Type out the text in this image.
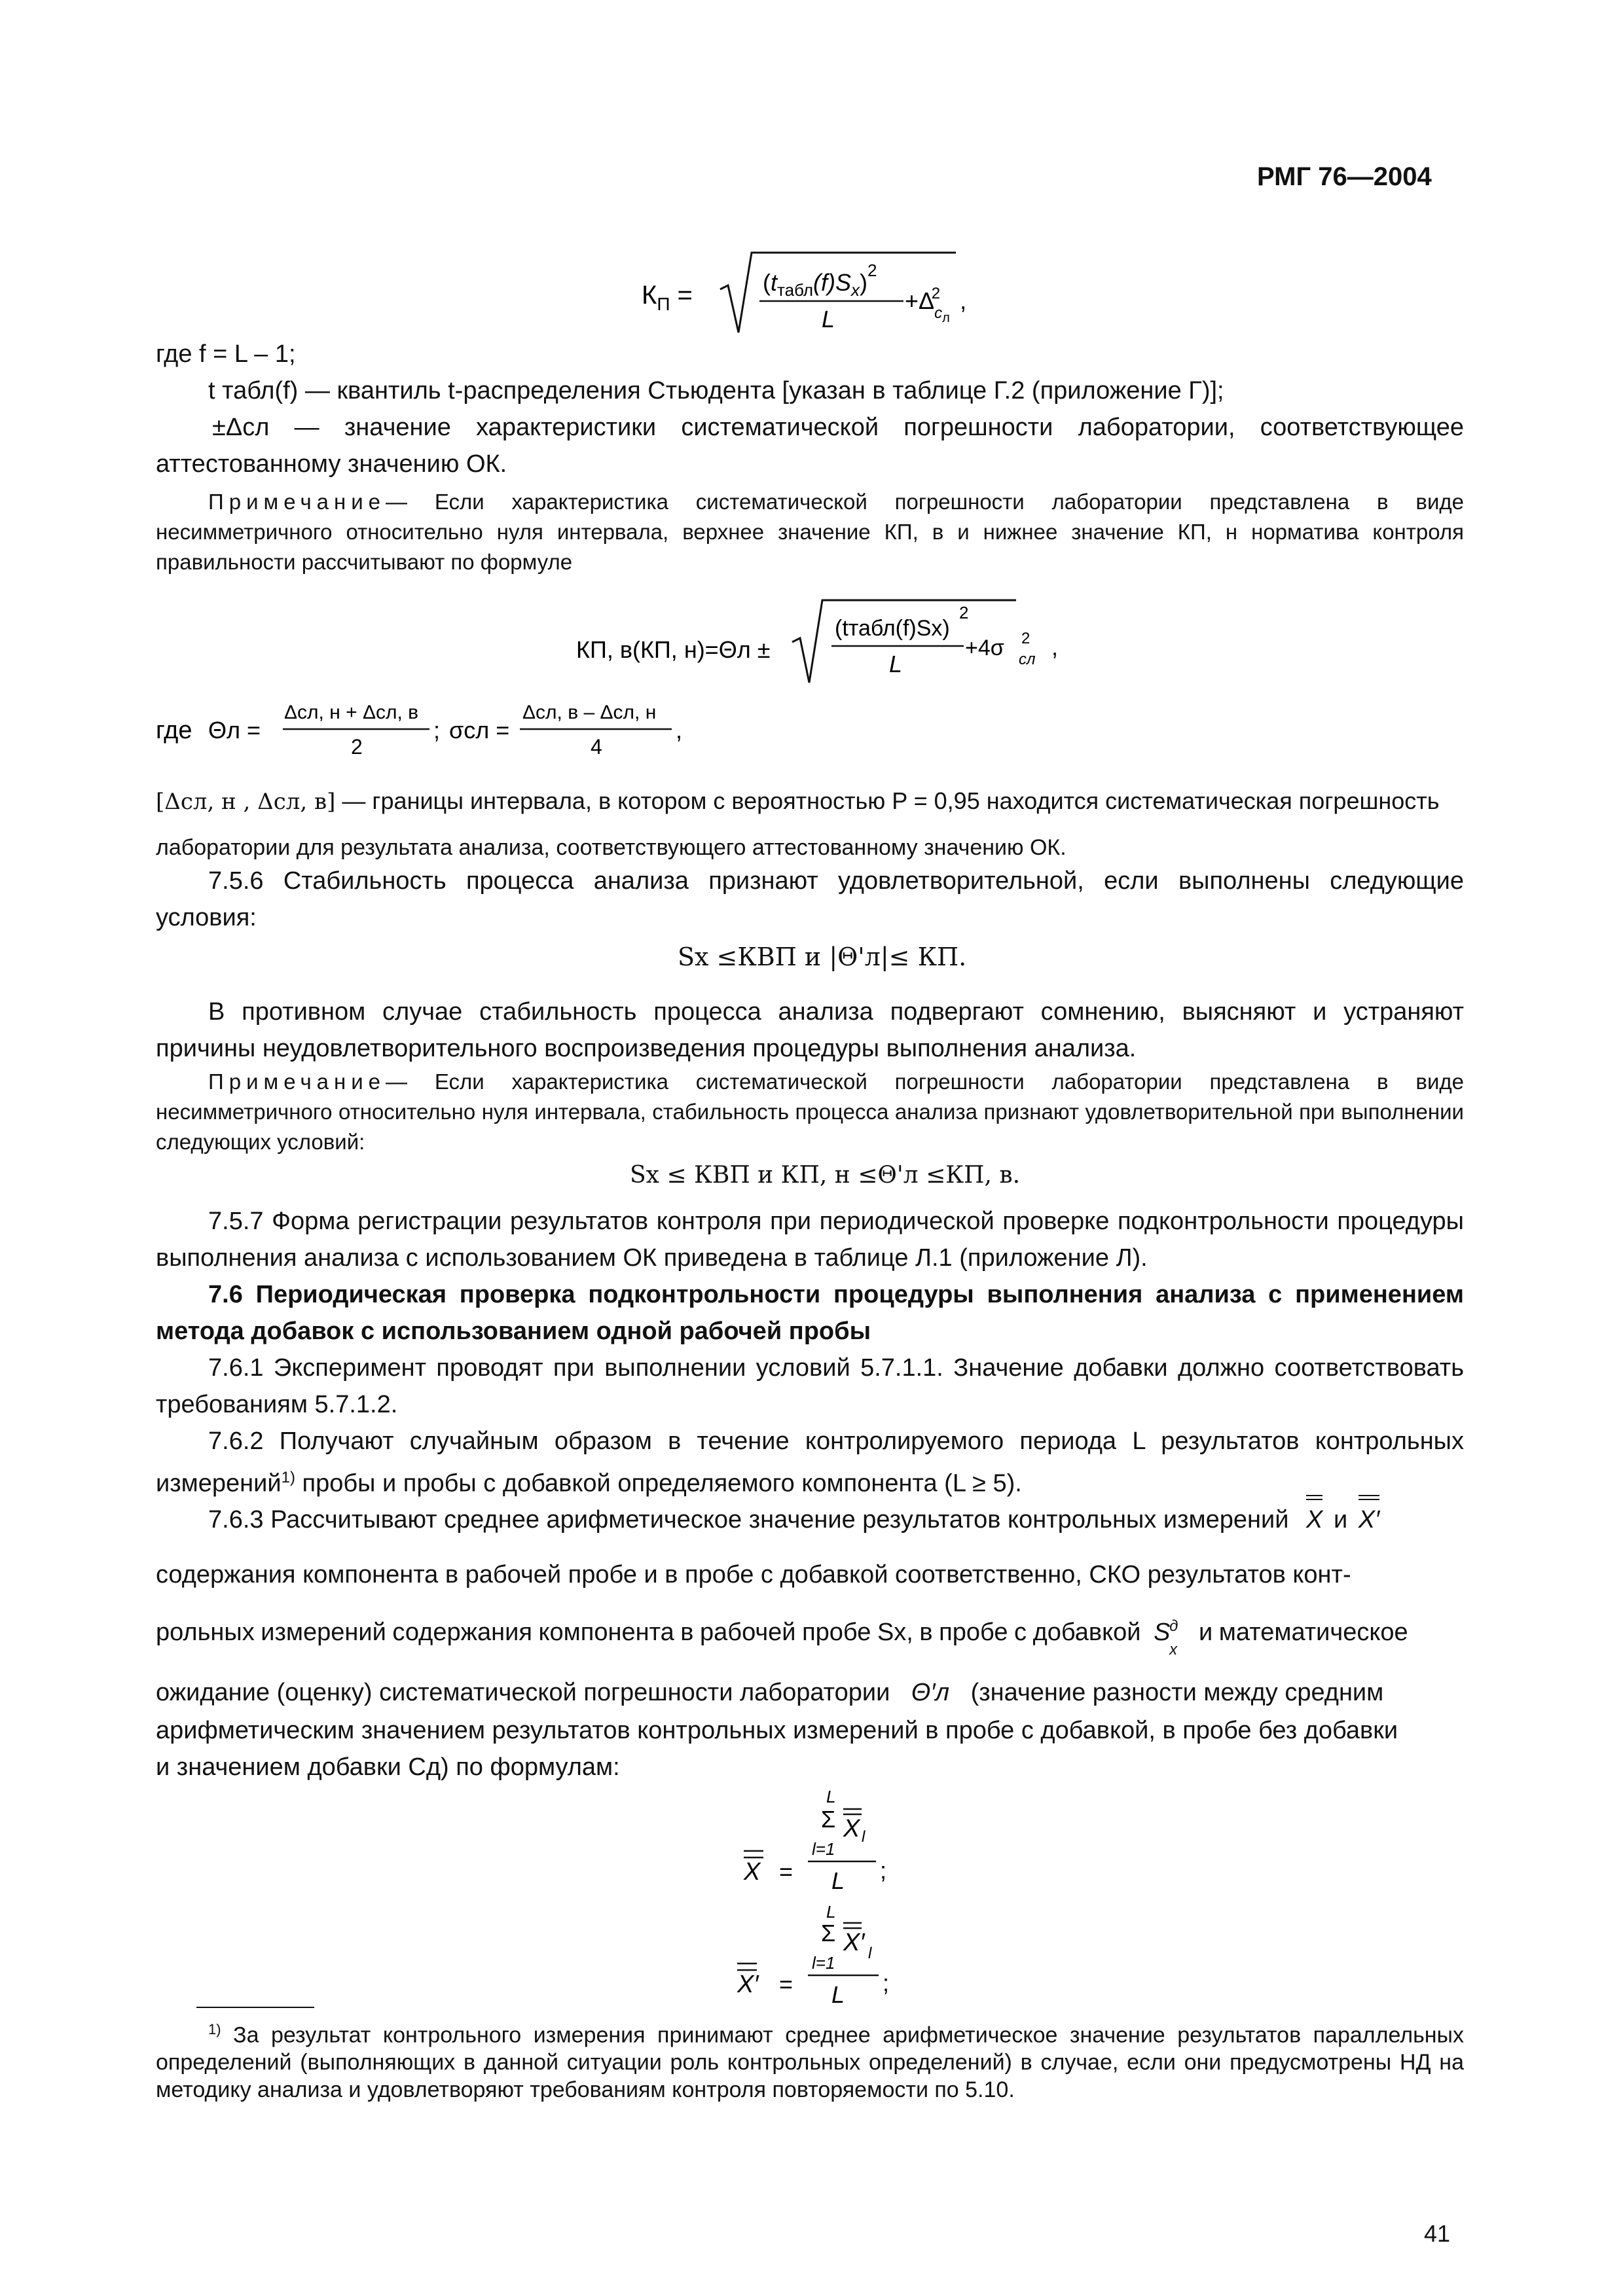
РМГ 76—2004
$К_П$ =	$(t_{табл}(f)S_x)^2$
L
$+\Delta_cл2$ ,

где f = L – 1;

t табл(f) — квантиль t-распределения Стьюдента [указан в таблице Г.2 (приложение Г)];

±Δcл — значение характеристики систематической погрешности лаборатории, соответствующее аттестованному значению ОК.

Примечание— Если характеристика систематической погрешности лаборатории представлена в виде несимметричного относительно нуля интервала, верхнее значение КП, в и нижнее значение КП, н норматива контроля правильности рассчитывают по формуле

КП, в(КП, н)=Θл ±
(tтабл(f)Sx)
2
L
+4σ cл
2 ,
где Θл =
Δcл, н + Δcл, в
2
; σcл =
Δcл, в – Δcл, н
4
,
[Δcл, н , Δcл, в] — границы интервала, в котором с вероятностью P = 0,95 находится систематическая погрешность

лаборатории для результата анализа, соответствующего аттестованному значению ОК.

7.5.6 Стабильность процесса анализа признают удовлетворительной, если выполнены следующие условия:

Sx ≤КВП и |Θ'л|≤ КП.

В противном случае стабильность процесса анализа подвергают сомнению, выясняют и устраняют причины неудовлетворительного воспроизведения процедуры выполнения анализа.

Примечание— Если характеристика систематической погрешности лаборатории представлена в виде несимметричного относительно нуля интервала, стабильность процесса анализа признают удовлетворительной при выполнении следующих условий:

Sx ≤ КВП и КП, н ≤Θ'л ≤КП, в.

7.5.7 Форма регистрации результатов контроля при периодической проверке подконтрольности процедуры выполнения анализа с использованием ОК приведена в таблице Л.1 (приложение Л).

7.6 Периодическая проверка подконтрольности процедуры выполнения анализа с применением метода добавок с использованием одной рабочей пробы

7.6.1 Эксперимент проводят при выполнении условий 5.7.1.1. Значение добавки должно соответствовать требованиям 5.7.1.2.

7.6.2 Получают случайным образом в течение контролируемого периода L результатов контрольных измерений$^{1)}$ пробы и пробы с добавкой определяемого компонента (L ≥ 5).

7.6.3 Рассчитывают среднее арифметическое значение результатов контрольных измерений X и X′

содержания компонента в рабочей пробе и в пробе с добавкой соответственно, СКО результатов конт-

рольных измерений содержания компонента в рабочей пробе Sx, в пробе с добавкой S
д
x
и математическое
ожидание (оценку) систематической погрешности лаборатории Θ′л (значение разности между средним

арифметическим значением результатов контрольных измерений в пробе с добавкой, в пробе без добавки

и значением добавки Cд) по формулам:

X =
L
Σ X l
l=1
L ;
X′ =
L
Σ X′ l
l=1
L ;

$^{1)}$ За результат контрольного измерения принимают среднее арифметическое значение результатов параллельных определений (выполняющих в данной ситуации роль контрольных определений) в случае, если они предусмотрены НД на методику анализа и удовлетворяют требованиям контроля повторяемости по 5.10.

41
